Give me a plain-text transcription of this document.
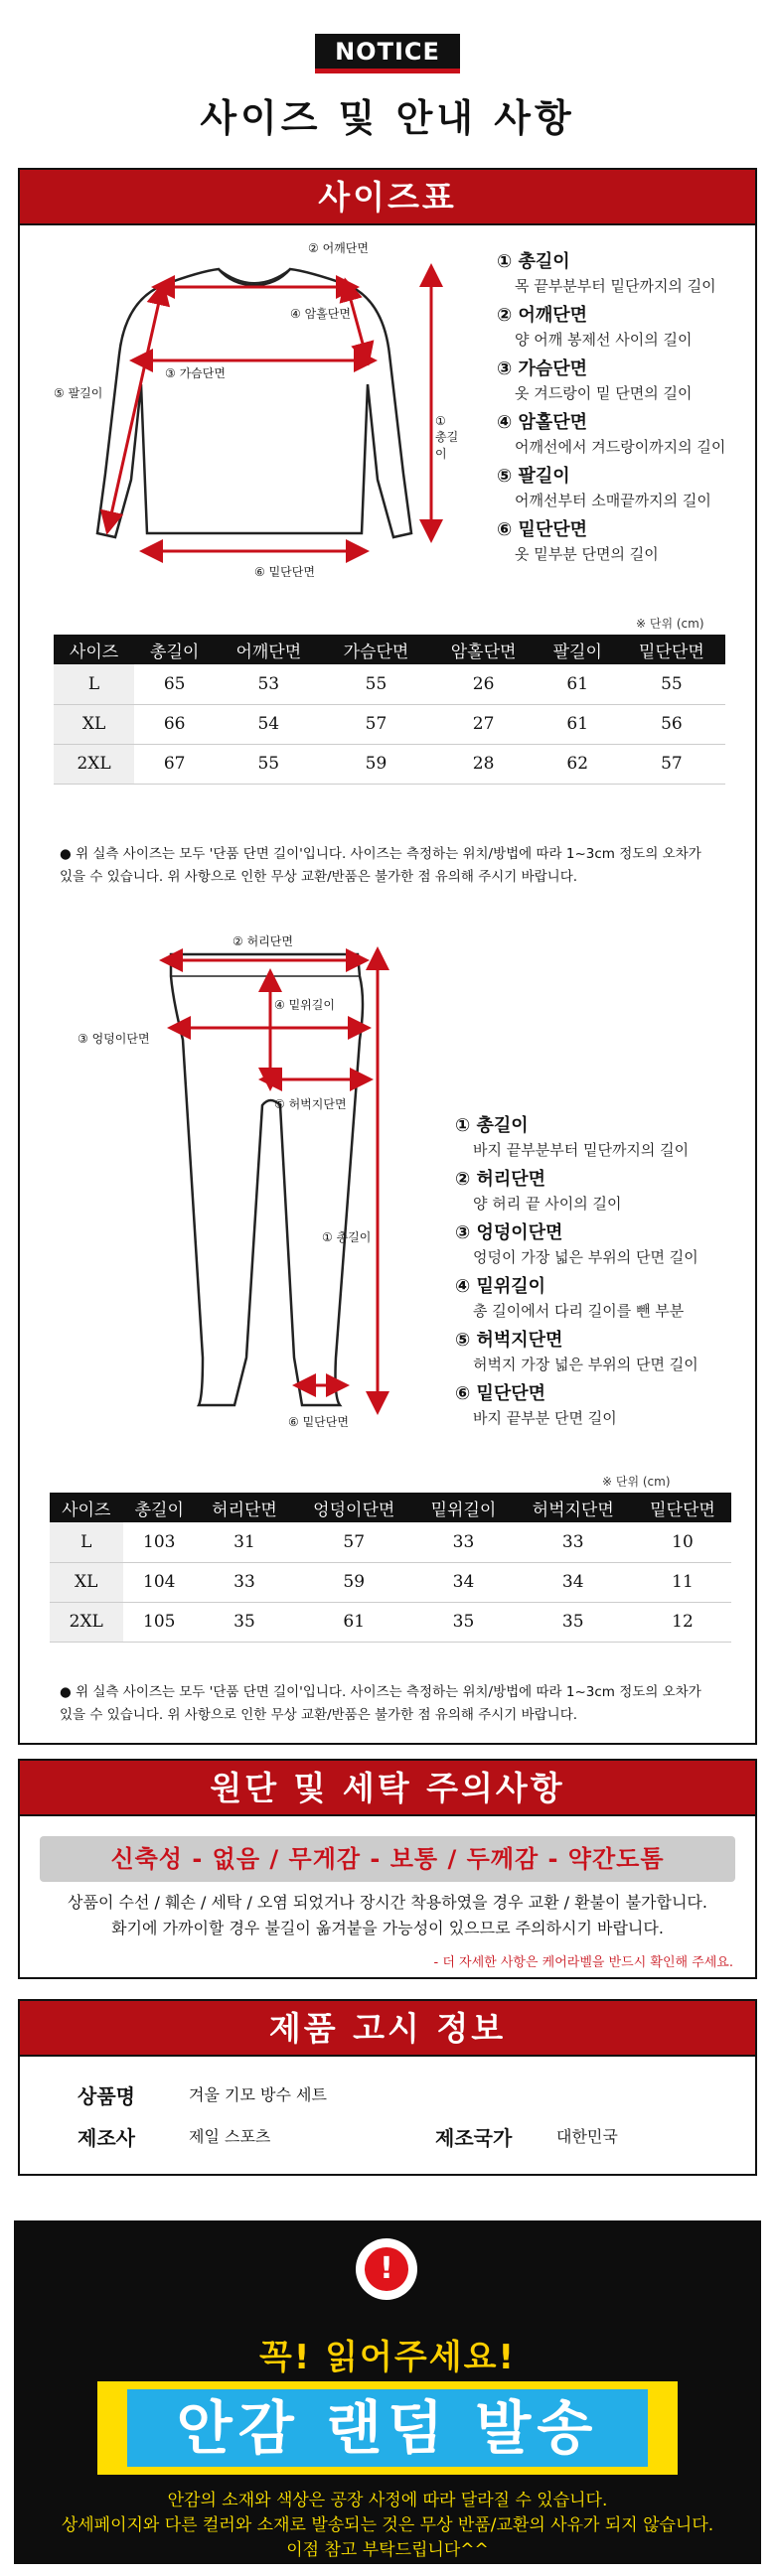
NOTICE
사이즈 및 안내 사항
사이즈표
② 어깨단면
④ 암홀단면
③ 가슴단면
⑤ 팔길이
① 총길이
⑥ 밑단단면
① 총길이
목 끝부분부터 밑단까지의 길이
② 어깨단면
양 어깨 봉제선 사이의 길이
③ 가슴단면
옷 겨드랑이 밑 단면의 길이
④ 암홀단면
어깨선에서 겨드랑이까지의 길이
⑤ 팔길이
어깨선부터 소매끝까지의 길이
⑥ 밑단단면
옷 밑부분 단면의 길이
※ 단위 (cm)
사이즈	총길이	어깨단면	가슴단면	암홀단면	팔길이	밑단단면
L	65	53	55	26	61	55
XL	66	54	57	27	61	56
2XL	67	55	59	28	62	57
● 위 실측 사이즈는 모두 '단품 단면 길이'입니다. 사이즈는 측정하는 위치/방법에 따라 1~3cm 정도의 오차가
있을 수 있습니다. 위 사항으로 인한 무상 교환/반품은 불가한 점 유의해 주시기 바랍니다.
② 허리단면
④ 밑위길이
③ 엉덩이단면
⑤ 허벅지단면
① 총길이
⑥ 밑단단면
① 총길이
바지 끝부분부터 밑단까지의 길이
② 허리단면
양 허리 끝 사이의 길이
③ 엉덩이단면
엉덩이 가장 넓은 부위의 단면 길이
④ 밑위길이
총 길이에서 다리 길이를 뺀 부분
⑤ 허벅지단면
허벅지 가장 넓은 부위의 단면 길이
⑥ 밑단단면
바지 끝부분 단면 길이
※ 단위 (cm)
사이즈	총길이	허리단면	엉덩이단면	밑위길이	허벅지단면	밑단단면
L	103	31	57	33	33	10
XL	104	33	59	34	34	11
2XL	105	35	61	35	35	12
● 위 실측 사이즈는 모두 '단품 단면 길이'입니다. 사이즈는 측정하는 위치/방법에 따라 1~3cm 정도의 오차가
있을 수 있습니다. 위 사항으로 인한 무상 교환/반품은 불가한 점 유의해 주시기 바랍니다.
원단 및 세탁 주의사항
신축성 - 없음 / 무게감 - 보통 / 두께감 - 약간도톰
상품이 수선 / 훼손 / 세탁 / 오염 되었거나 장시간 착용하였을 경우 교환 / 환불이 불가합니다.
화기에 가까이할 경우 불길이 옮겨붙을 가능성이 있으므로 주의하시기 바랍니다.
- 더 자세한 사항은 케어라벨을 반드시 확인해 주세요.
제품 고시 정보
상품명	겨울 기모 방수 세트
제조사	제일 스포츠	제조국가	대한민국
!
꼭! 읽어주세요!
안감 랜덤 발송
안감의 소재와 색상은 공장 사정에 따라 달라질 수 있습니다.
상세페이지와 다른 컬러와 소재로 발송되는 것은 무상 반품/교환의 사유가 되지 않습니다.
이점 참고 부탁드립니다^^
